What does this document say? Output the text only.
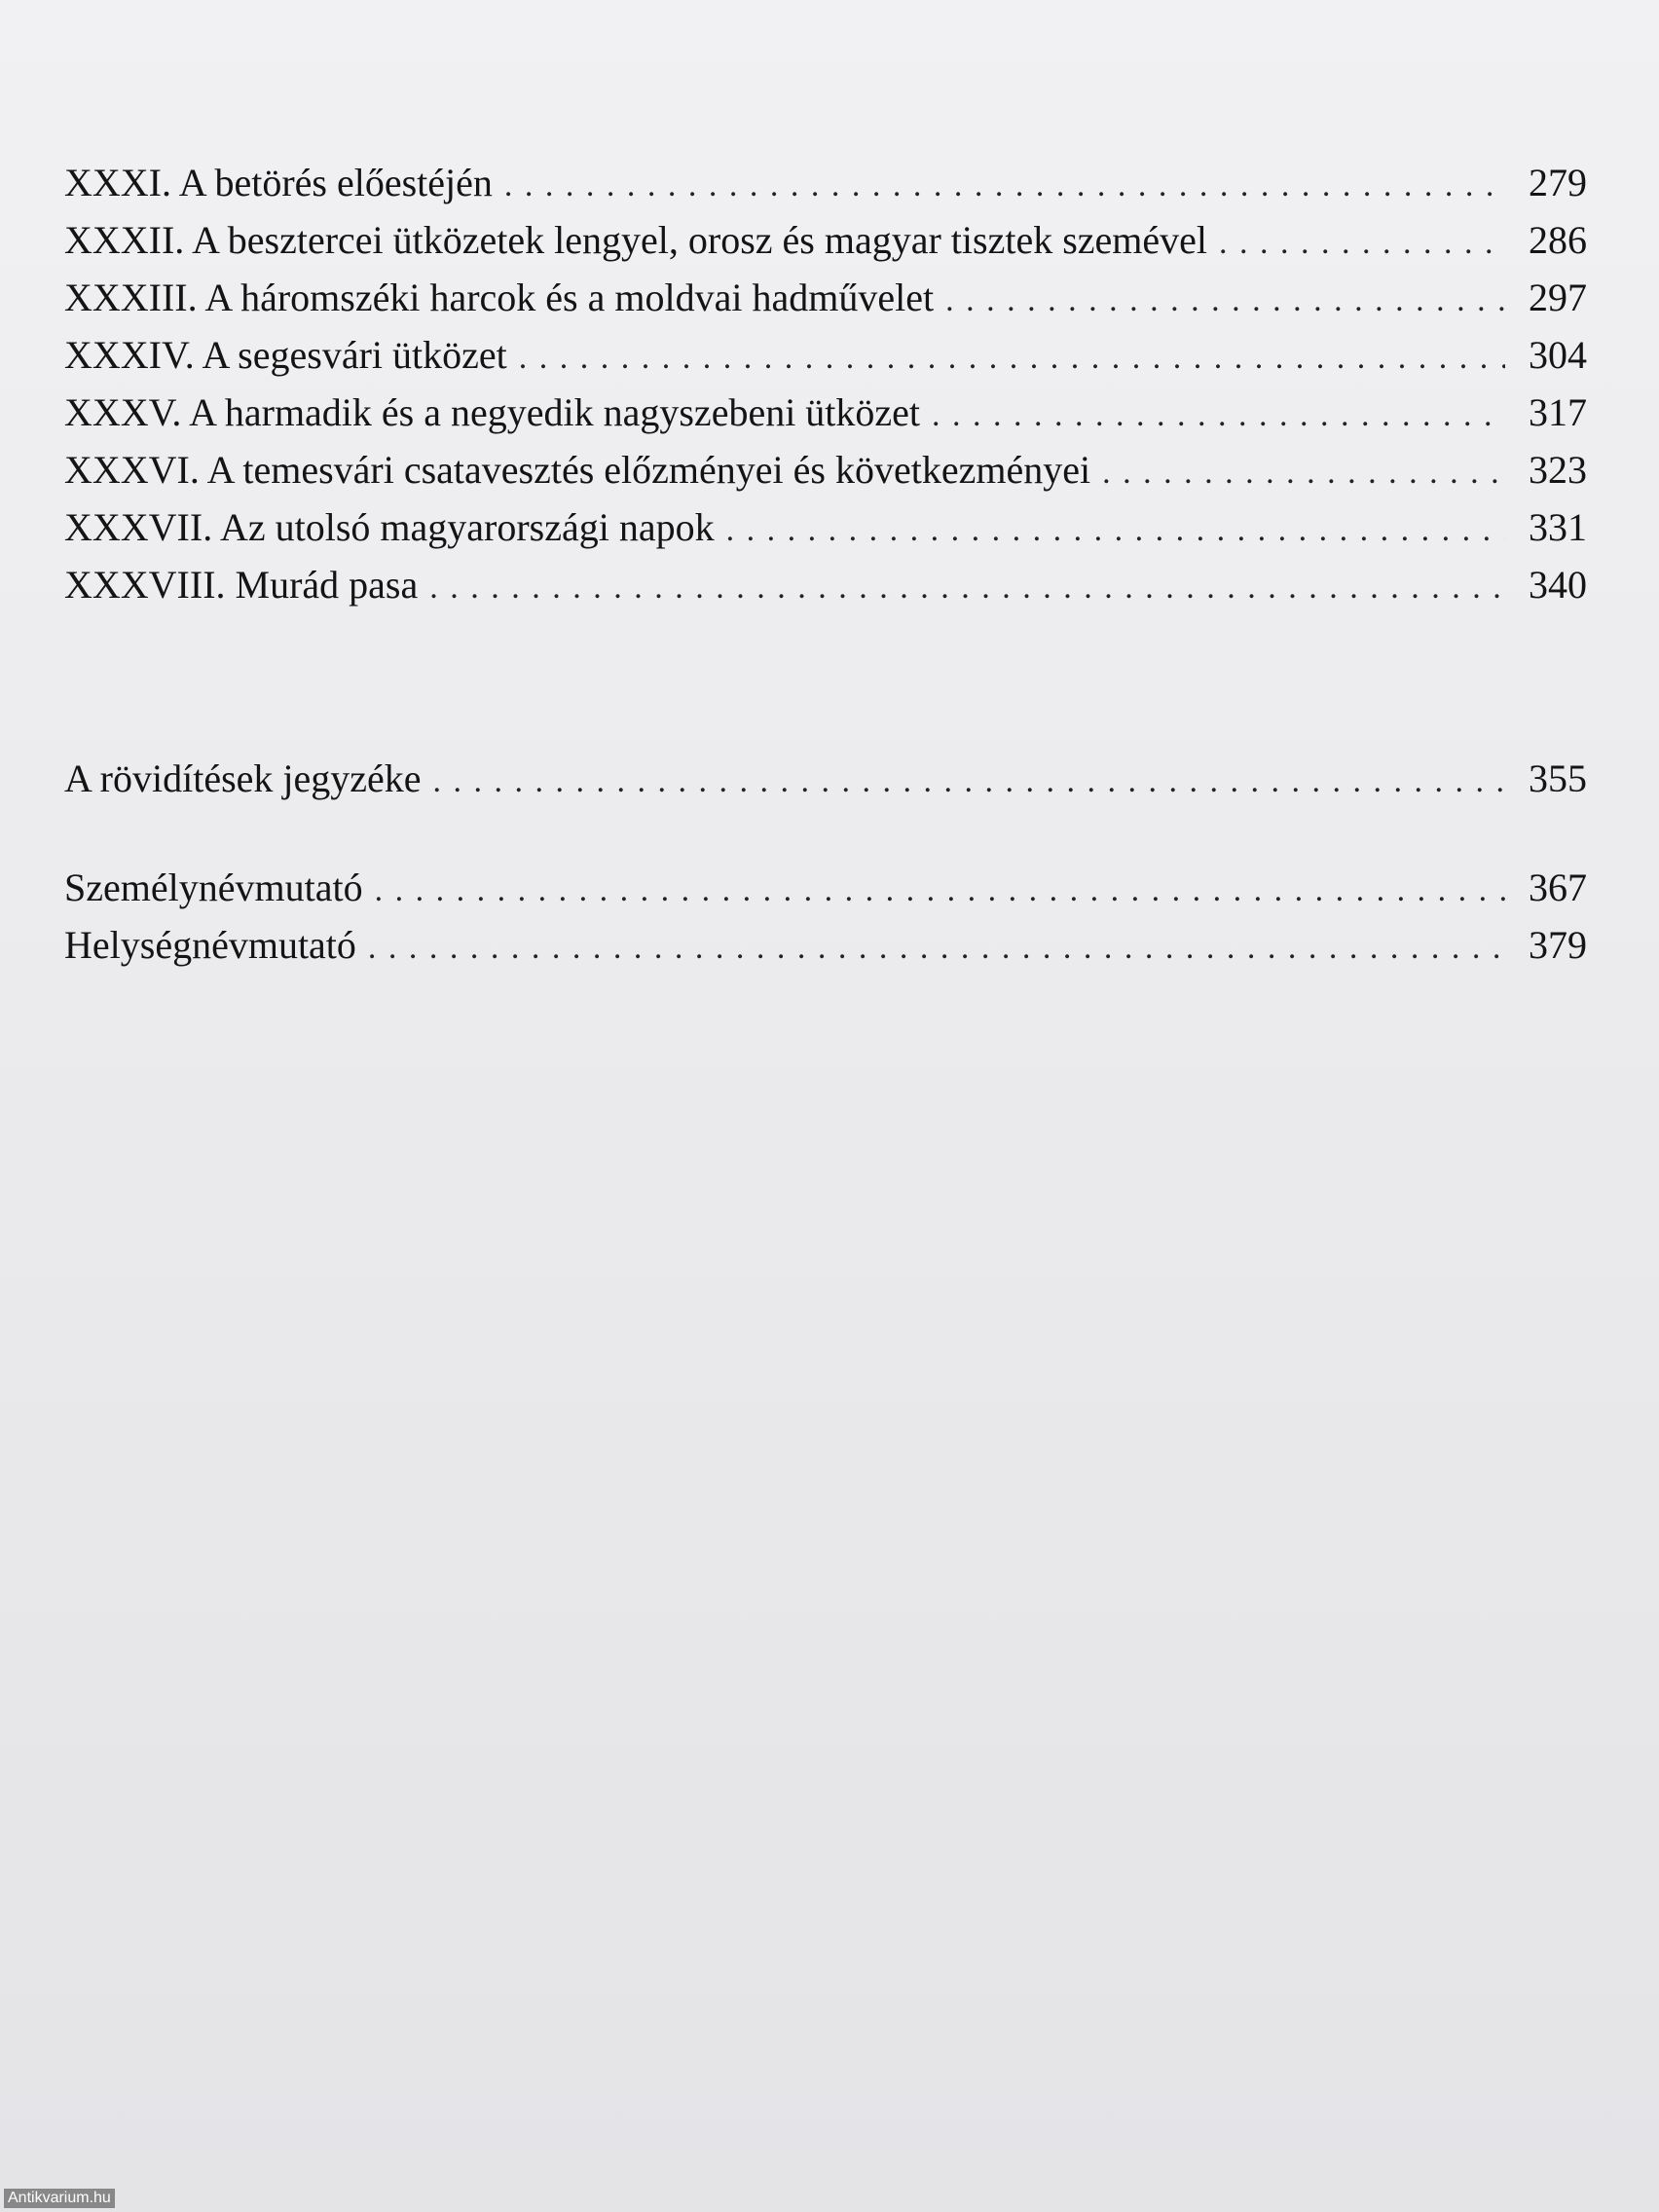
XXXI. A betörés előestéjén . . .	279
XXXII. A besztercei ütközetek lengyel, orosz és magyar tisztek szemével . . .	286
XXXIII. A háromszéki harcok és a moldvai hadművelet . . .	297
XXXIV. A segesvári ütközet . . .	304
XXXV. A harmadik és a negyedik nagyszebeni ütközet . . .	317
XXXVI. A temesvári csatavesztés előzményei és következményei . . .	323
XXXVII. Az utolsó magyarországi napok . . .	331
XXXVIII. Murád pasa . . .	340
A rövidítések jegyzéke . . .	355
Személynévmutató . . .	367
Helységnévmutató . . .	379
Antikvarium.hu
